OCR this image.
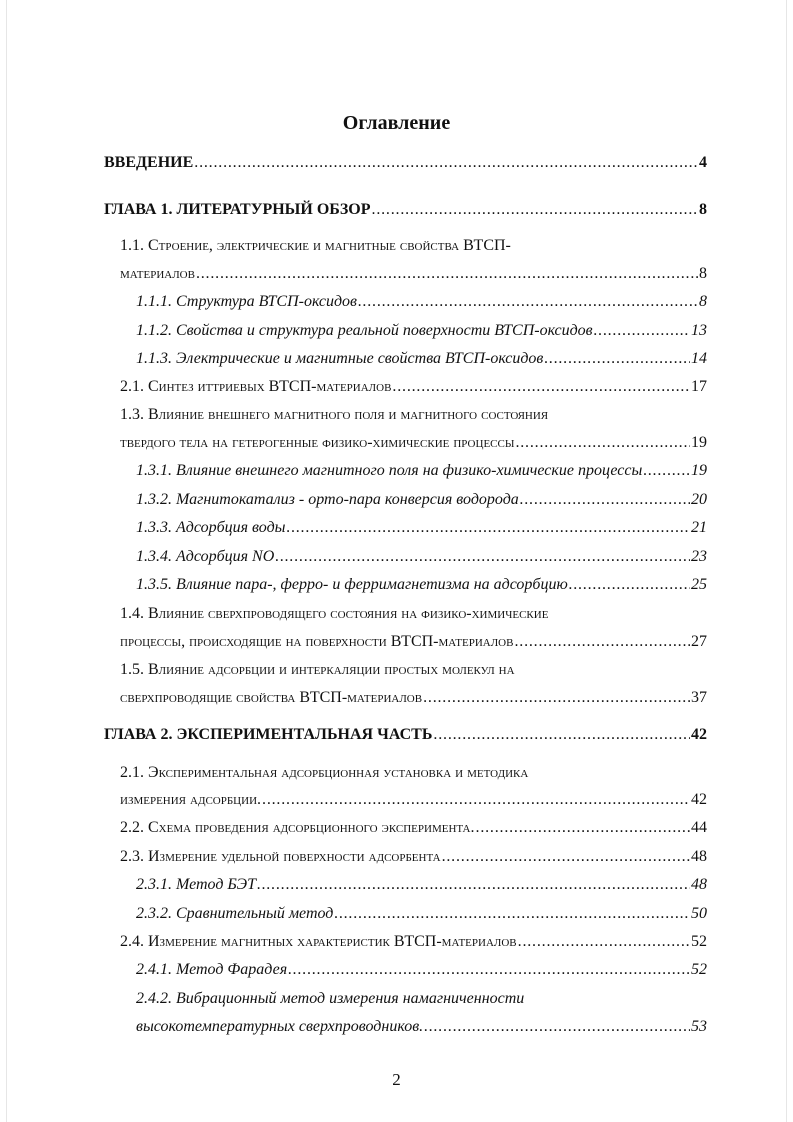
Оглавление
ВВЕДЕНИЕ . . .	4
ГЛАВА 1. ЛИТЕРАТУРНЫЙ ОБЗОР . . .	8
1.1. Строение, электрические и магнитные свойства ВТСП-
материалов . . .	8
1.1.1. Структура ВТСП-оксидов . . .	8
1.1.2. Свойства и структура реальной поверхности ВТСП-оксидов . . .	13
1.1.3. Электрические и магнитные свойства ВТСП-оксидов . . .	14
2.1. Синтез иттриевых ВТСП-материалов . . .	17
1.3. Влияние внешнего магнитного поля и магнитного состояния
твердого тела на гетерогенные физико-химические процессы . . .	19
1.3.1. Влияние внешнего магнитного поля на физико-химические процессы . . .	19
1.3.2. Магнитокатализ - орто-пара конверсия водорода . . .	20
1.3.3. Адсорбция воды . . .	21
1.3.4. Адсорбция NO . . .	23
1.3.5. Влияние пара-, ферро- и ферримагнетизма на адсорбцию . . .	25
1.4. Влияние сверхпроводящего состояния на физико-химические
процессы, происходящие на поверхности ВТСП-материалов . . .	27
1.5. Влияние адсорбции и интеркаляции простых молекул на
сверхпроводящие свойства ВТСП-материалов . . .	37
ГЛАВА 2. ЭКСПЕРИМЕНТАЛЬНАЯ ЧАСТЬ . . .	42
2.1. Экспериментальная адсорбционная установка и методика
измерения адсорбции. . . .	42
2.2. Схема проведения адсорбционного эксперимента. . . .	44
2.3. Измерение удельной поверхности адсорбента . . .	48
2.3.1. Метод БЭТ . . .	48
2.3.2. Сравнительный метод . . .	50
2.4. Измерение магнитных характеристик ВТСП-материалов . . .	52
2.4.1. Метод Фарадея . . .	52
2.4.2. Вибрационный метод измерения намагниченности
высокотемпературных сверхпроводников. . . .	53
2
